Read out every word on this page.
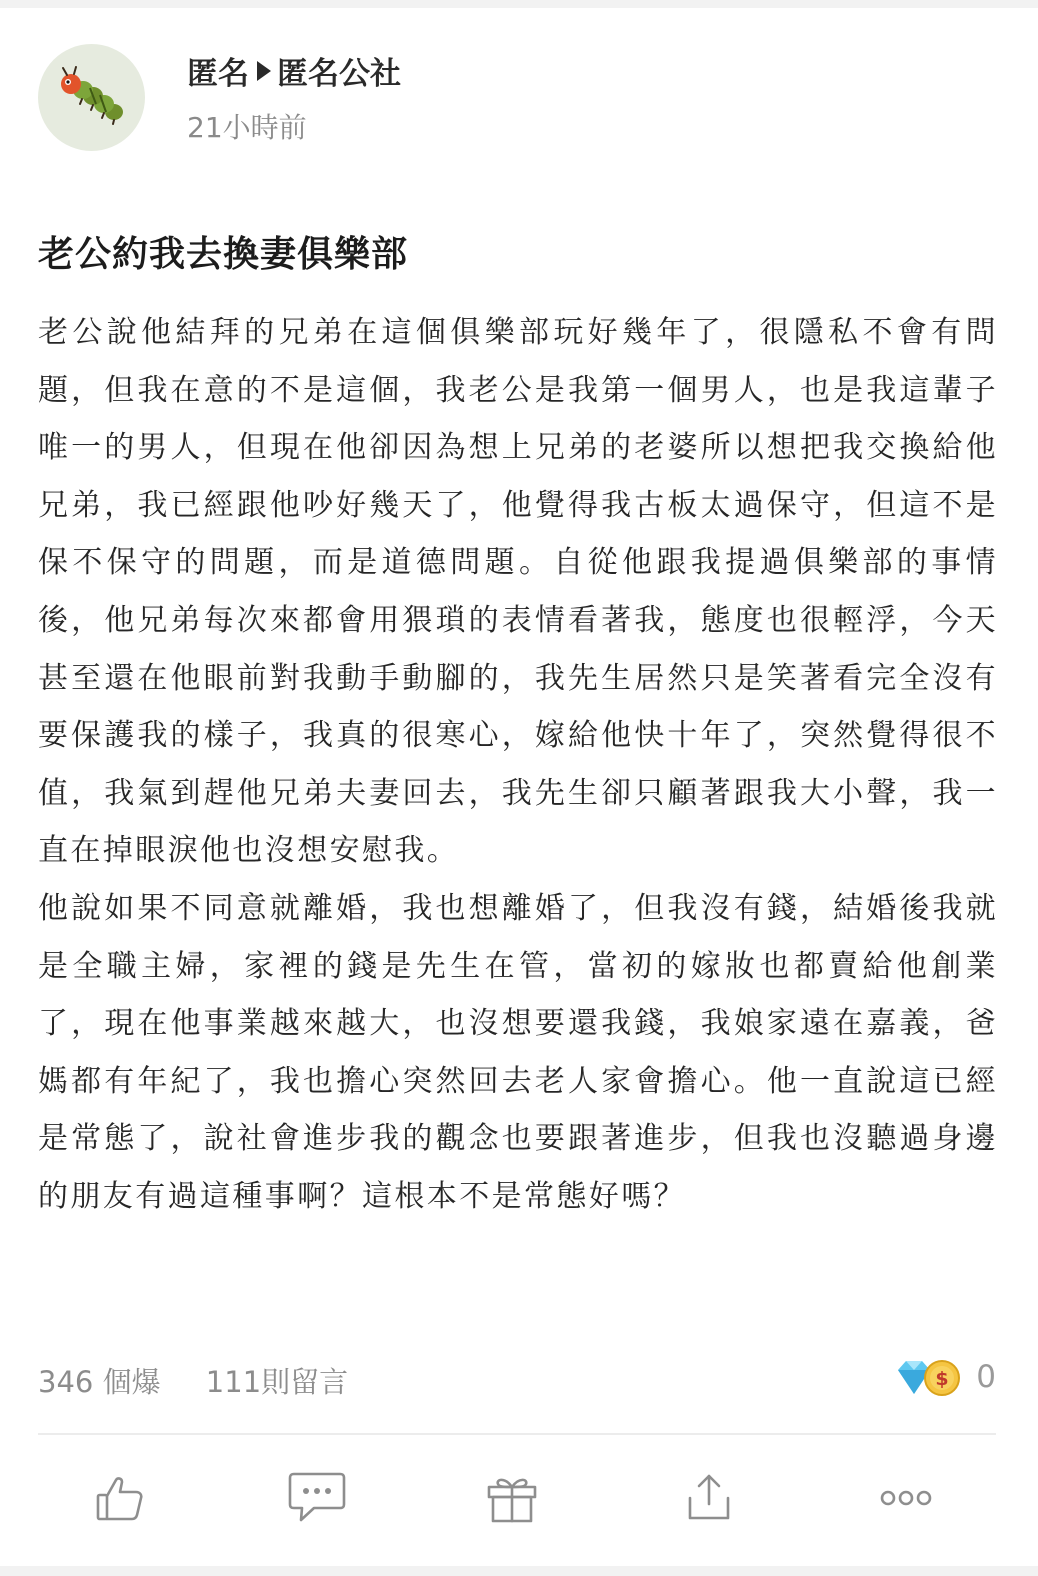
匿名 匿名公社
21小時前
老公約我去換妻俱樂部

老公說他結拜的兄弟在這個俱樂部玩好幾年了，很隱私不會有問題，但我在意的不是這個，我老公是我第一個男人，也是我這輩子唯一的男人，但現在他卻因為想上兄弟的老婆所以想把我交換給他兄弟，我已經跟他吵好幾天了，他覺得我古板太過保守，但這不是保不保守的問題，而是道德問題。自從他跟我提過俱樂部的事情後，他兄弟每次來都會用猥瑣的表情看著我，態度也很輕浮，今天甚至還在他眼前對我動手動腳的，我先生居然只是笑著看完全沒有要保護我的樣子，我真的很寒心，嫁給他快十年了，突然覺得很不值，我氣到趕他兄弟夫妻回去，我先生卻只顧著跟我大小聲，我一直在掉眼淚他也沒想安慰我。

他說如果不同意就離婚，我也想離婚了，但我沒有錢，結婚後我就是全職主婦，家裡的錢是先生在管，當初的嫁妝也都賣給他創業了，現在他事業越來越大，也沒想要還我錢，我娘家遠在嘉義，爸媽都有年紀了，我也擔心突然回去老人家會擔心。他一直說這已經是常態了，說社會進步我的觀念也要跟著進步，但我也沒聽過身邊的朋友有過這種事啊？這根本不是常態好嗎？

346 個爆 111則留言	$ 0
